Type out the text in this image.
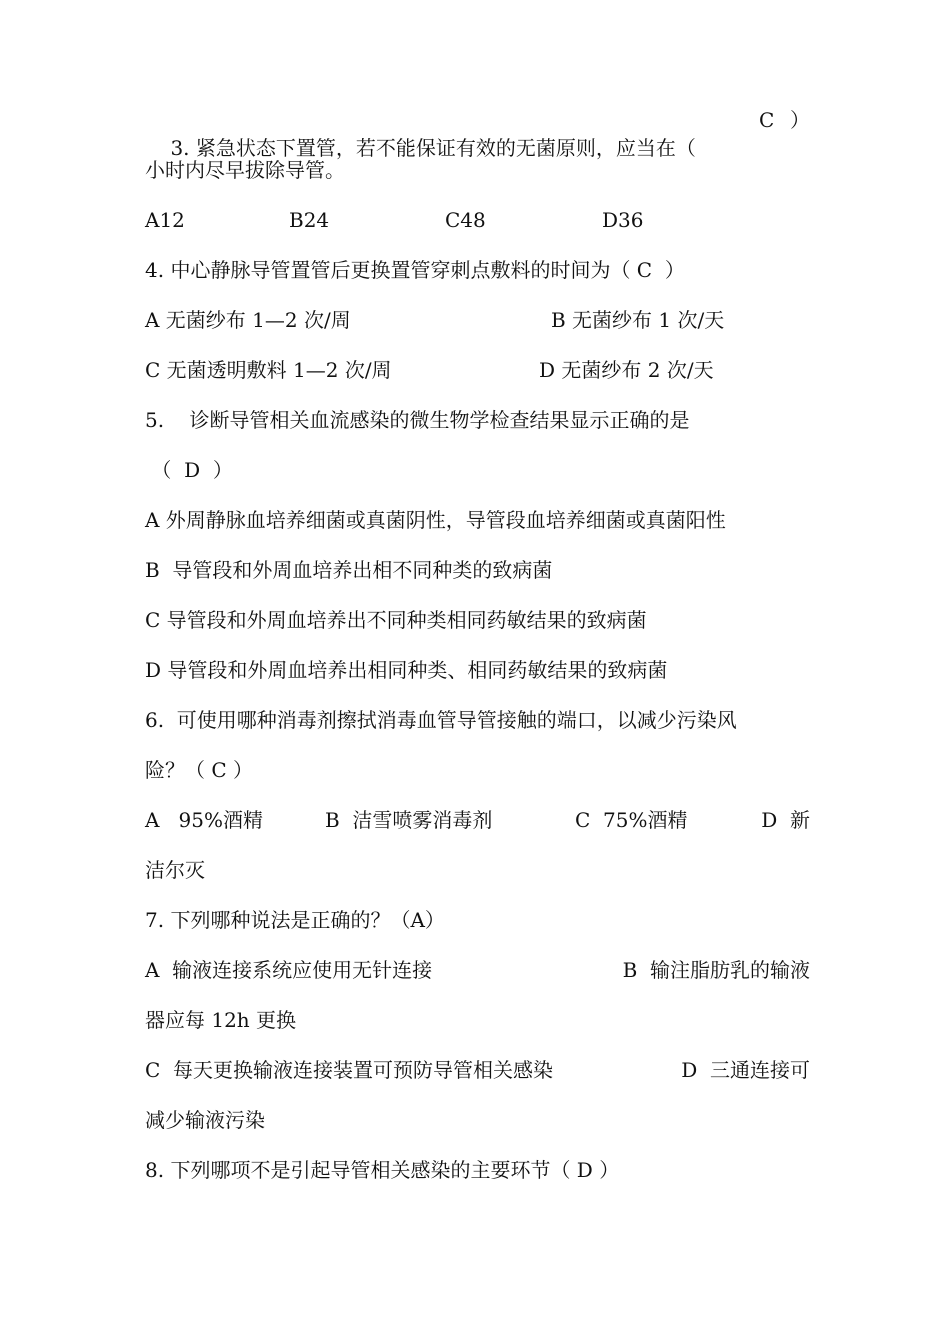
3. 紧急状态下置管，若不能保证有效的无菌原则，应当在（

C

）

小时内尽早拔除导管。

A12

	B24

	C48

	D36

4. 中心静脉导管置管后更换置管穿刺点敷料的时间为（ C  ）

A 无菌纱布 1—2 次/周

	B 无菌纱布 1 次/天

C 无菌透明敷料 1—2 次/周

	D 无菌纱布 2 次/天

5.    诊断导管相关血流感染的微生物学检查结果显示正确的是
（  D  ）
A 外周静脉血培养细菌或真菌阴性，导管段血培养细菌或真菌阳性
B  导管段和外周血培养出相不同种类的致病菌
C 导管段和外周血培养出不同种类相同药敏结果的致病菌
D 导管段和外周血培养出相同种类、相同药敏结果的致病菌
6.  可使用哪种消毒剂擦拭消毒血管导管接触的端口，以减少污染风
险？（ C ）

A   95%酒精

	B  洁雪喷雾消毒剂

	C  75%酒精

	D  新

洁尔灭
7. 下列哪种说法是正确的？（A）

A  输液连接系统应使用无针连接

	B  输注脂肪乳的输液

器应每 12h 更换

C  每天更换输液连接装置可预防导管相关感染

	D  三通连接可

减少输液污染
8. 下列哪项不是引起导管相关感染的主要环节（ D ）
